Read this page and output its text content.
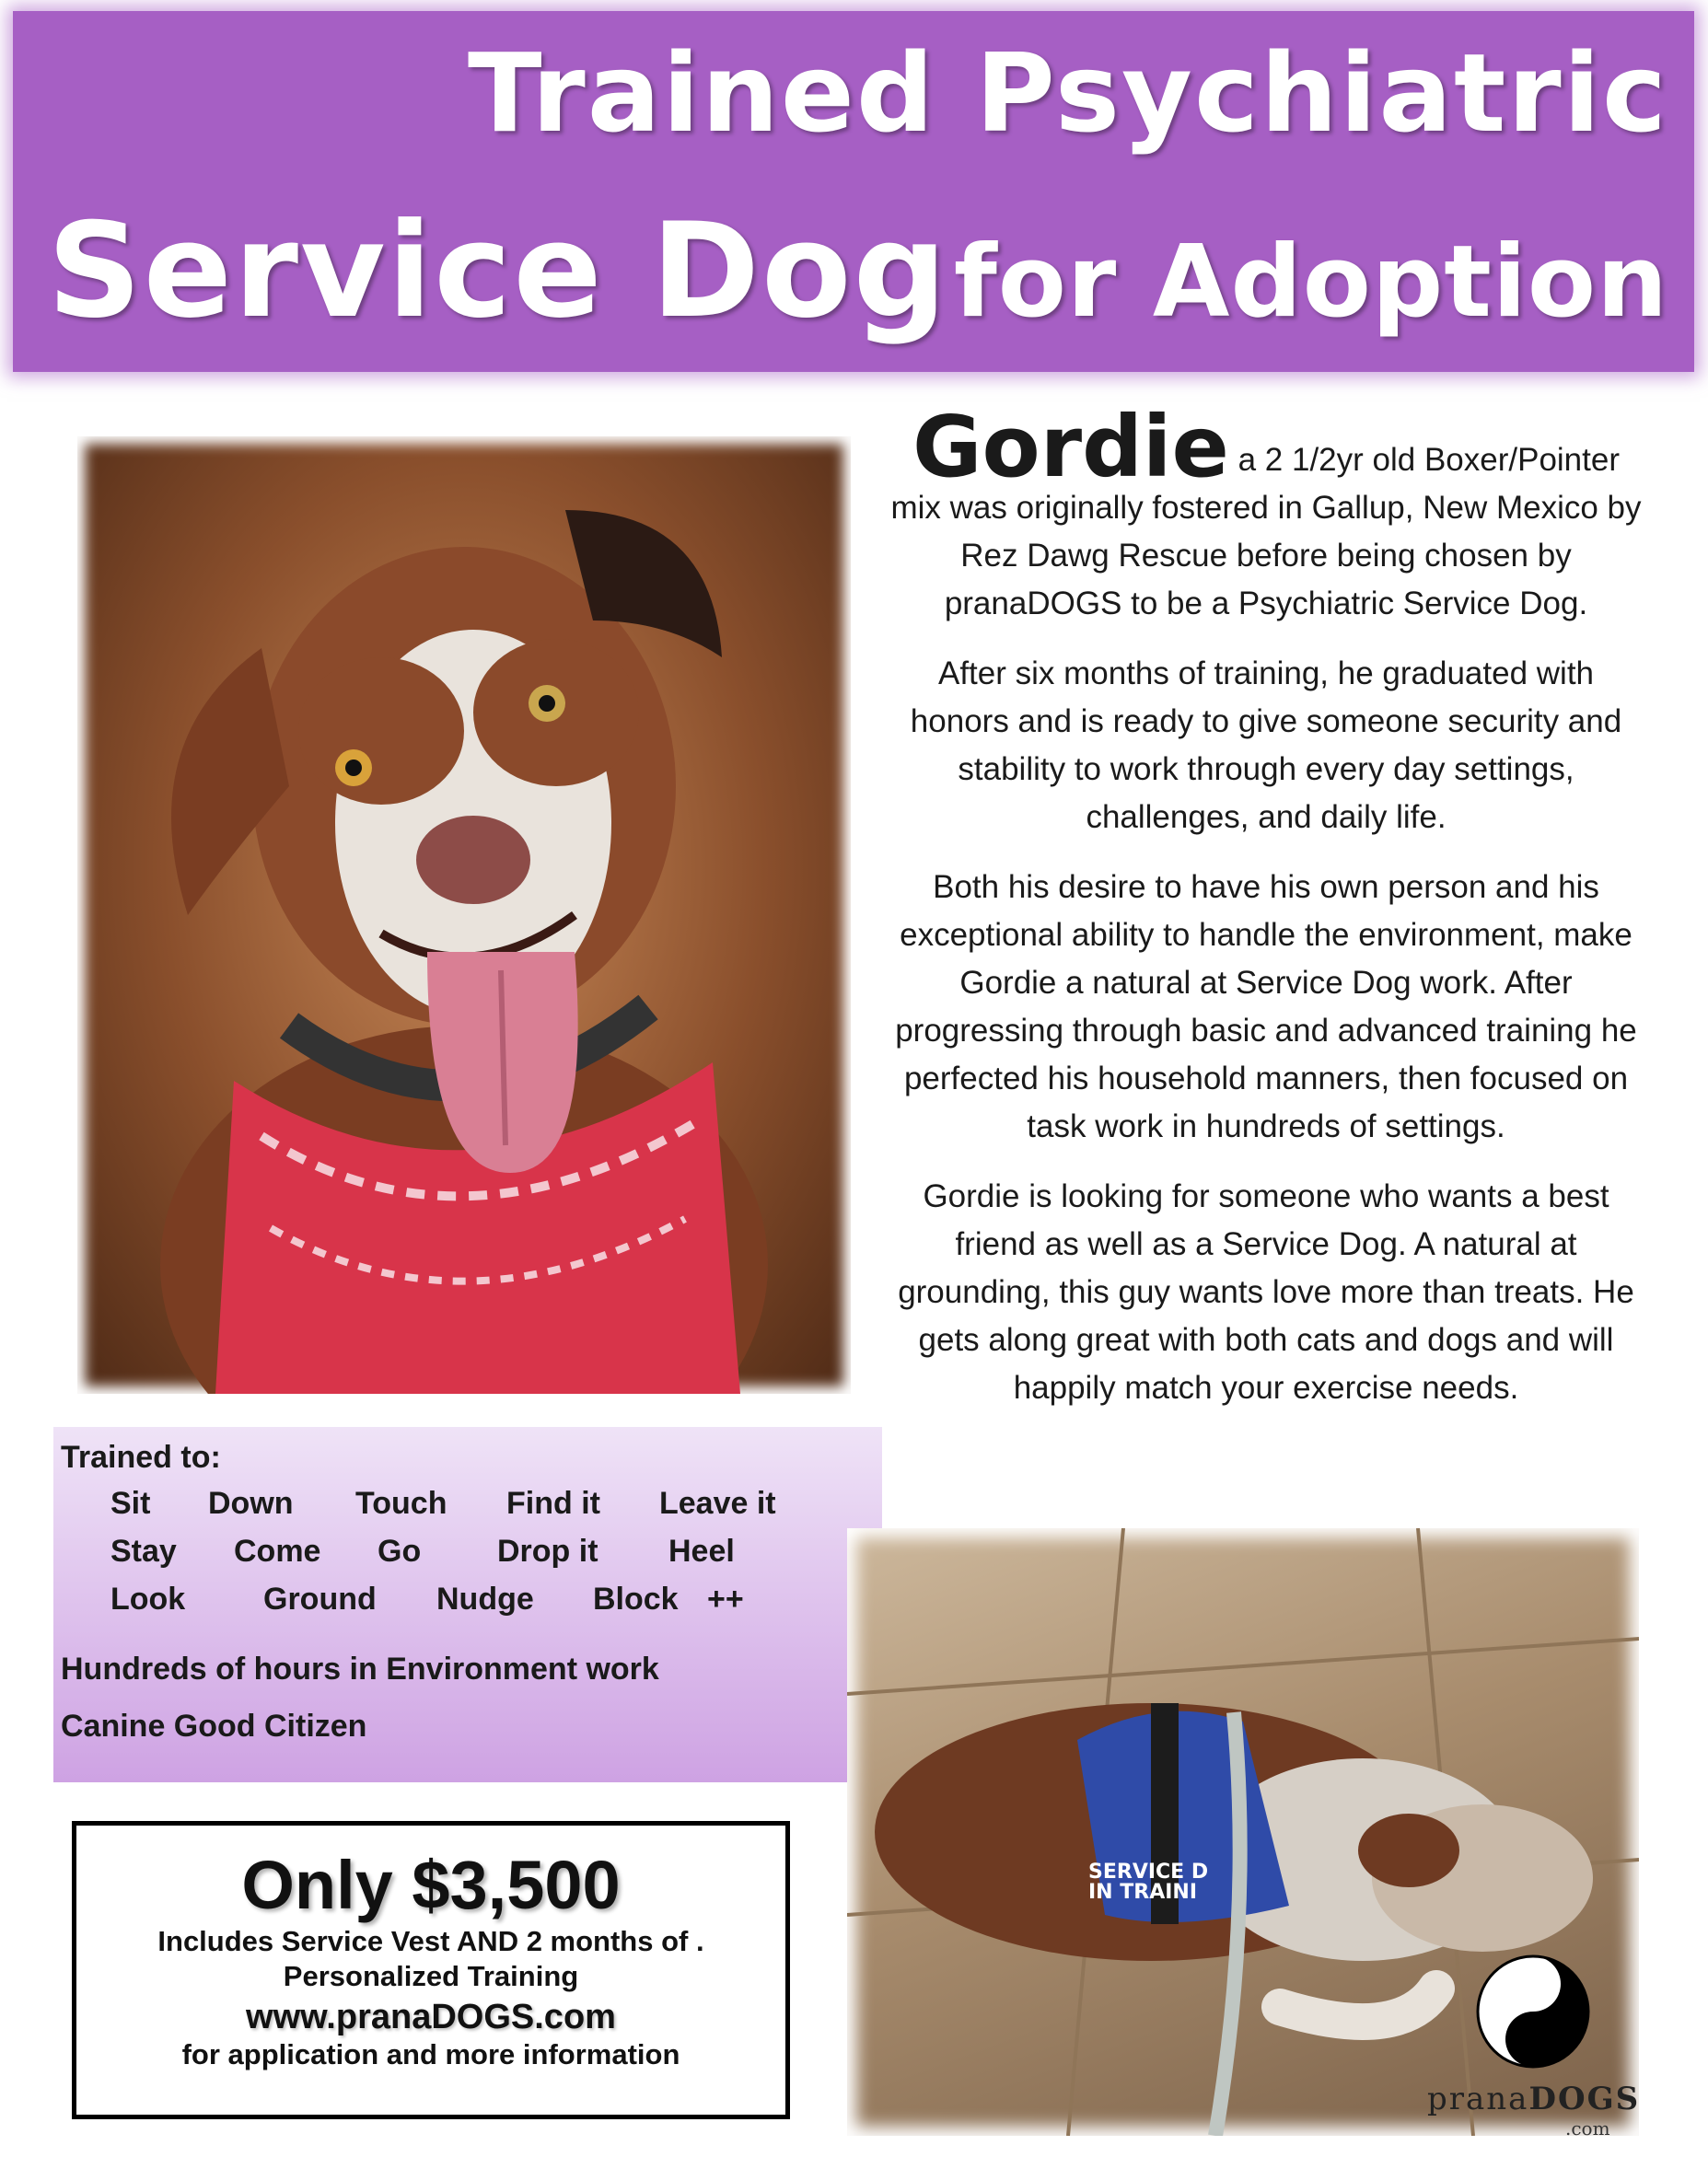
Trained Psychiatric
Service Dog for Adoption

Gordie a 2 1/2yr old Boxer/Pointer
mix was originally fostered in Gallup, New Mexico by Rez Dawg Rescue before being chosen by pranaDOGS to be a Psychiatric Service Dog.

After six months of training, he graduated with honors and is ready to give someone security and stability to work through every day settings, challenges, and daily life.

Both his desire to have his own person and his exceptional ability to handle the environment, make Gordie a natural at Service Dog work. After progressing through basic and advanced training he perfected his household manners, then focused on task work in hundreds of settings.

Gordie is looking for someone who wants a best friend as well as a Service Dog. A natural at grounding, this guy wants love more than treats. He gets along great with both cats and dogs and will happily match your exercise needs.

Trained to:
Sit Down Touch Find it Leave it
Stay Come Go Drop it Heel
Look Ground Nudge Block ++
Hundreds of hours in Environment work
Canine Good Citizen
Only $3,500
Includes Service Vest AND 2 months of .
Personalized Training
www.pranaDOGS.com
for application and more information
SERVICE D IN TRAINI
pranaDOGS
.com
